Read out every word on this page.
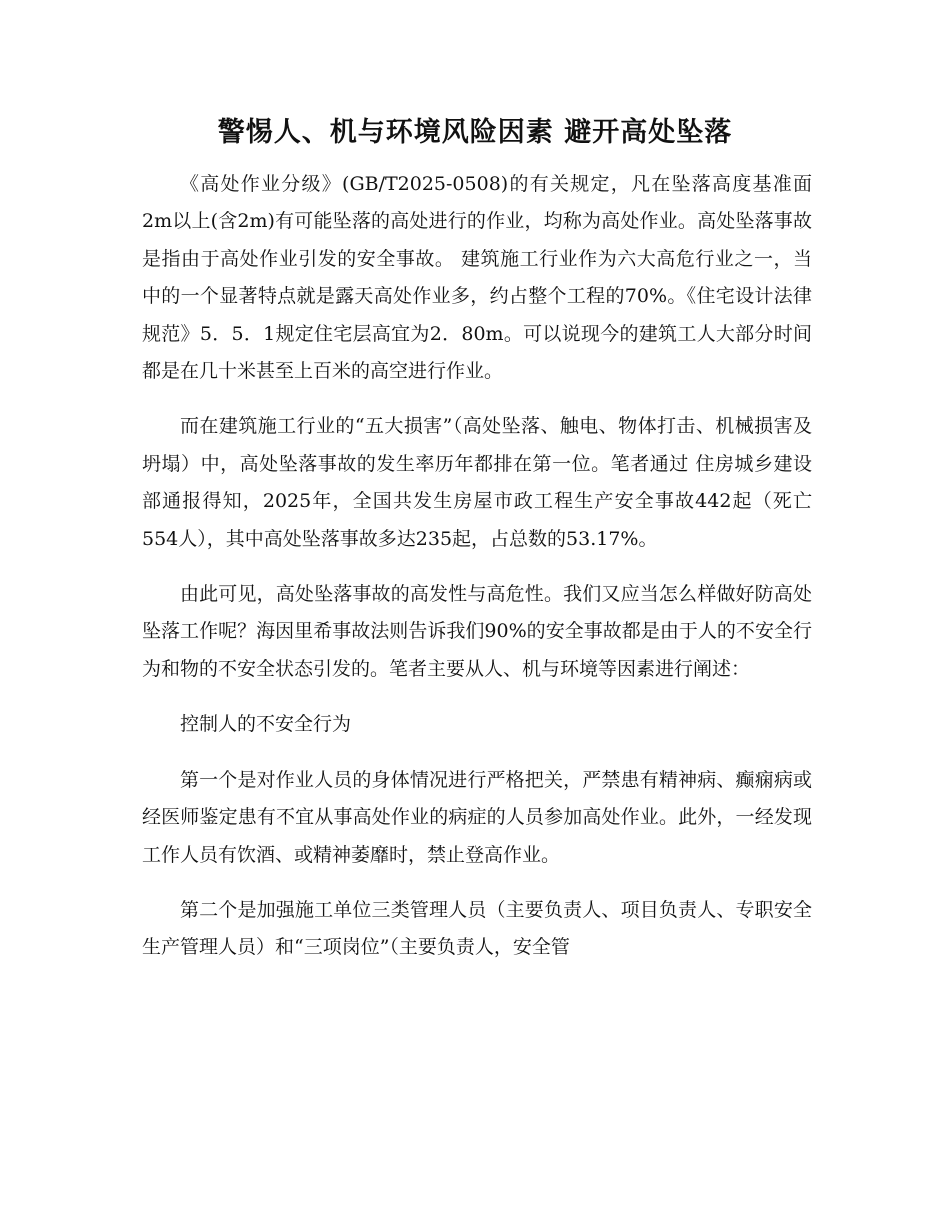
警惕人、机与环境风险因素 避开高处坠落

《高处作业分级》(GB/T2025-0508)的有关规定，凡在坠落高度基准面2m以上(含2m)有可能坠落的高处进行的作业，均称为高处作业。高处坠落事故是指由于高处作业引发的安全事故。 建筑施工行业作为六大高危行业之一，当中的一个显著特点就是露天高处作业多，约占整个工程的70%。《住宅设计法律规范》5．5．1规定住宅层高宜为2．80m。可以说现今的建筑工人大部分时间都是在几十米甚至上百米的高空进行作业。

而在建筑施工行业的“五大损害”（高处坠落、触电、物体打击、机械损害及坍塌）中，高处坠落事故的发生率历年都排在第一位。笔者通过 住房城乡建设部通报得知，2025年，全国共发生房屋市政工程生产安全事故442起（死亡554人），其中高处坠落事故多达235起，占总数的53.17%。

由此可见，高处坠落事故的高发性与高危性。我们又应当怎么样做好防高处坠落工作呢？海因里希事故法则告诉我们90%的安全事故都是由于人的不安全行为和物的不安全状态引发的。笔者主要从人、机与环境等因素进行阐述：

控制人的不安全行为

第一个是对作业人员的身体情况进行严格把关，严禁患有精神病、癫痫病或经医师鉴定患有不宜从事高处作业的病症的人员参加高处作业。此外，一经发现工作人员有饮酒、或精神萎靡时，禁止登高作业。

第二个是加强施工单位三类管理人员（主要负责人、项目负责人、专职安全生产管理人员）和“三项岗位”（主要负责人，安全管
